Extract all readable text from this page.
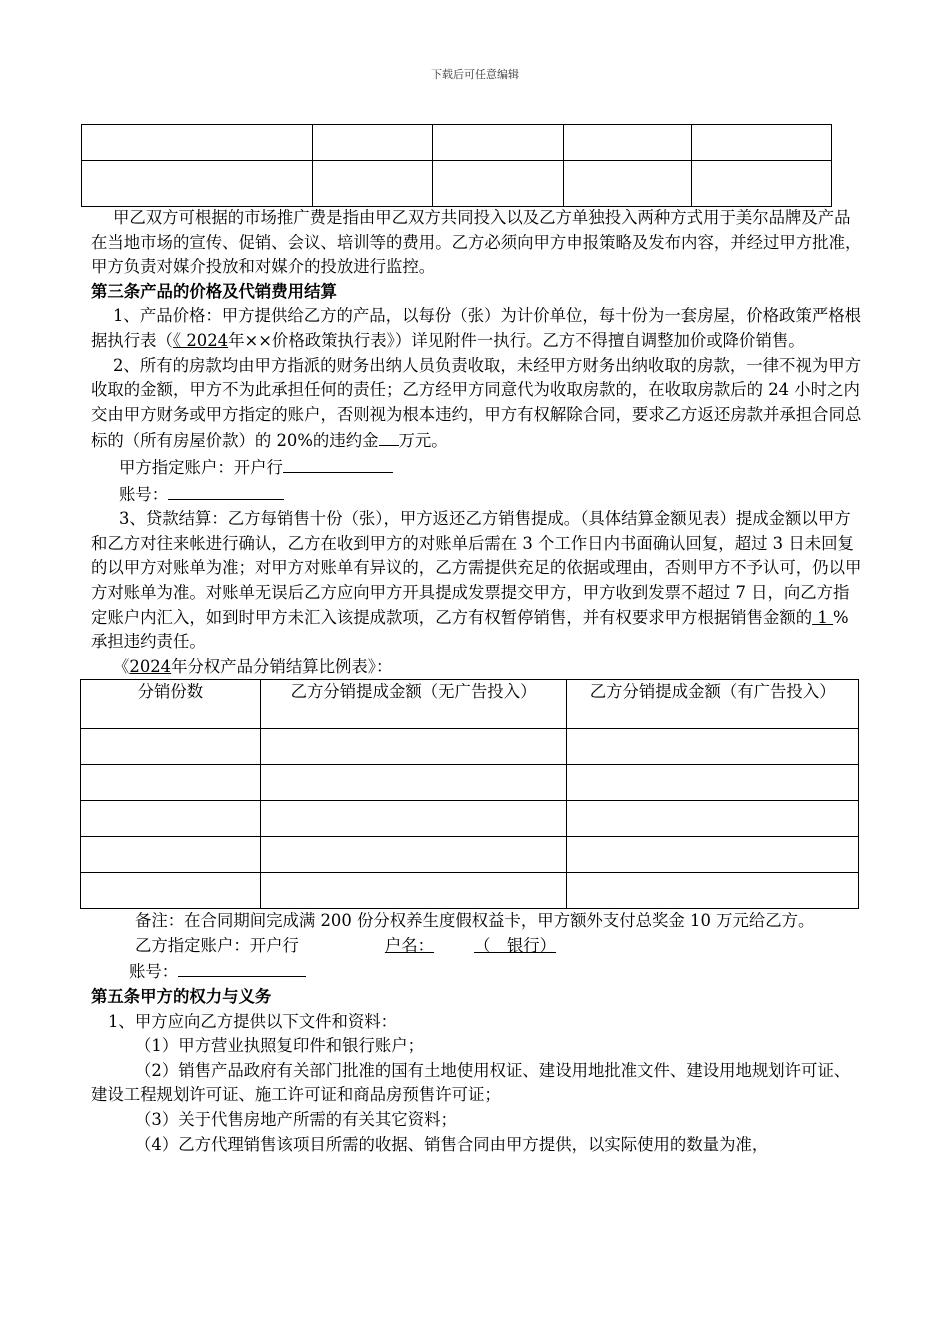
下载后可任意编辑

甲乙双方可根据的市场推广费是指由甲乙双方共同投入以及乙方单独投入两种方式用于美尔品牌及产品在当地市场的宣传、促销、会议、培训等的费用。乙方必须向甲方申报策略及发布内容，并经过甲方批准，甲方负责对媒介投放和对媒介的投放进行监控。

第三条产品的价格及代销费用结算

1、产品价格：甲方提供给乙方的产品，以每份（张）为计价单位，每十份为一套房屋，价格政策严格根据执行表（《 2024年××价格政策执行表》）详见附件一执行。乙方不得擅自调整加价或降价销售。

2、所有的房款均由甲方指派的财务出纳人员负责收取，未经甲方财务出纳收取的房款，一律不视为甲方收取的金额，甲方不为此承担任何的责任；乙方经甲方同意代为收取房款的，在收取房款后的 24 小时之内交由甲方财务或甲方指定的账户，否则视为根本违约，甲方有权解除合同，要求乙方返还房款并承担合同总标的（所有房屋价款）的 20%的违约金 万元。

甲方指定账户：开户行

账号：

3、贷款结算：乙方每销售十份（张），甲方返还乙方销售提成。（具体结算金额见表）提成金额以甲方和乙方对往来帐进行确认，乙方在收到甲方的对账单后需在 3 个工作日内书面确认回复，超过 3 日未回复的以甲方对账单为准；对甲方对账单有异议的，乙方需提供充足的依据或理由，否则甲方不予认可，仍以甲方对账单为准。对账单无误后乙方应向甲方开具提成发票提交甲方，甲方收到发票不超过 7 日，向乙方指定账户内汇入，如到时甲方未汇入该提成款项，乙方有权暂停销售，并有权要求甲方根据销售金额的 1 %承担违约责任。

《2024年分权产品分销结算比例表》：

分销份数	乙方分销提成金额（无广告投入）	乙方分销提成金额（有广告投入）

备注：在合同期间完成满 200 份分权养生度假权益卡，甲方额外支付总奖金 10 万元给乙方。

乙方指定账户：开户行	户名： （　银行）

账号：

第五条甲方的权力与义务

1、甲方应向乙方提供以下文件和资料：

（1）甲方营业执照复印件和银行账户；

（2）销售产品政府有关部门批准的国有土地使用权证、建设用地批准文件、建设用地规划许可证、建设工程规划许可证、施工许可证和商品房预售许可证；

（3）关于代售房地产所需的有关其它资料；

（4）乙方代理销售该项目所需的收据、销售合同由甲方提供，以实际使用的数量为准，
